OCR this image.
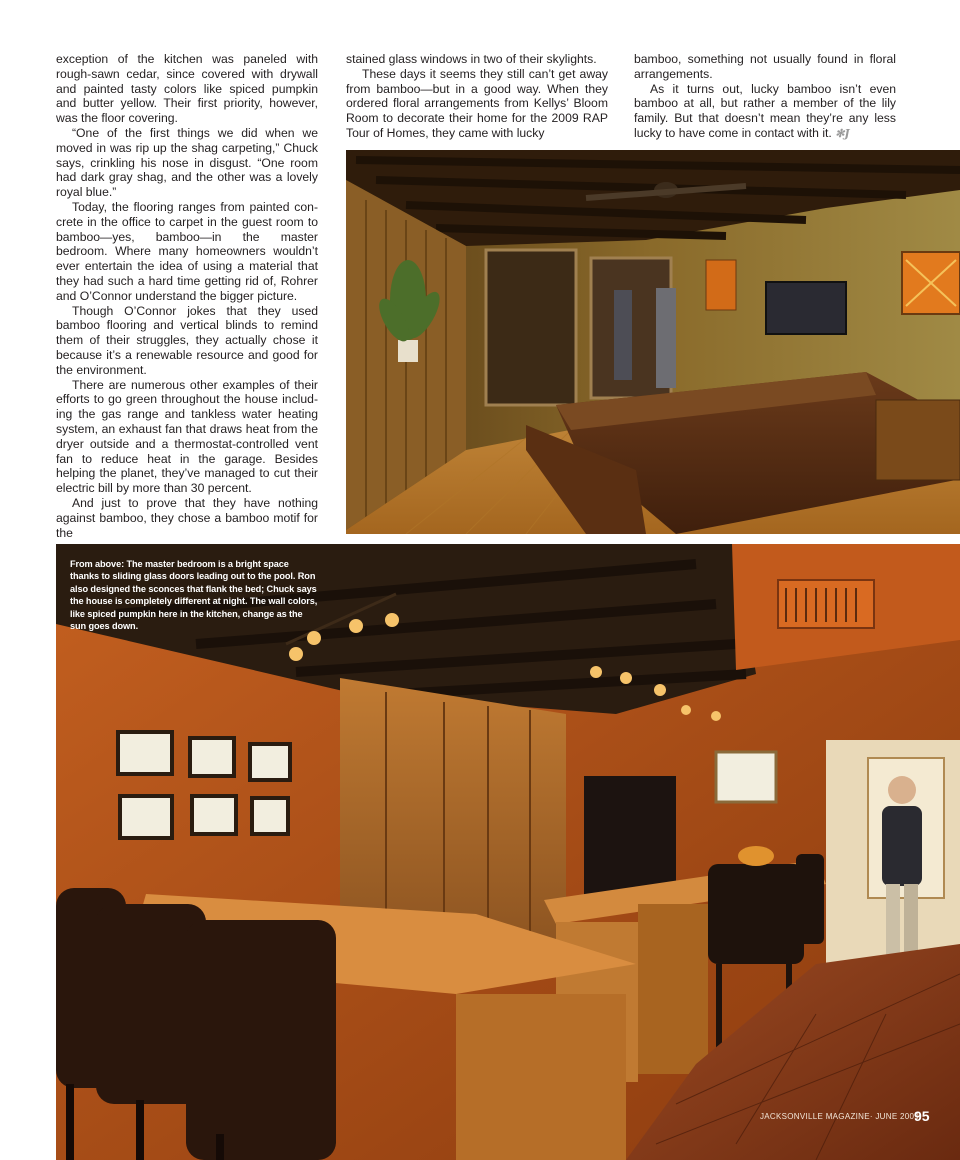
exception of the kitchen was paneled with rough-sawn cedar, since covered with drywall and painted tasty colors like spiced pumpkin and butter yellow. Their first priority, however, was the floor covering.

“One of the first things we did when we moved in was rip up the shag carpeting,” Chuck says, crinkling his nose in disgust. “One room had dark gray shag, and the other was a lovely royal blue.”

Today, the flooring ranges from painted concrete in the office to carpet in the guest room to bamboo—yes, bamboo—in the master bedroom. Where many homeowners wouldn’t ever entertain the idea of using a material that they had such a hard time getting rid of, Rohrer and O’Connor understand the bigger picture.

Though O’Connor jokes that they used bamboo flooring and vertical blinds to remind them of their struggles, they actually chose it because it’s a renewable resource and good for the environment.

There are numerous other examples of their efforts to go green throughout the house including the gas range and tankless water heating system, an exhaust fan that draws heat from the dryer outside and a thermostat-controlled vent fan to reduce heat in the garage. Besides helping the planet, they’ve managed to cut their electric bill by more than 30 percent.

And just to prove that they have nothing against bamboo, they chose a bamboo motif for the

stained glass windows in two of their skylights.

These days it seems they still can’t get away from bamboo—but in a good way. When they ordered floral arrangements from Kellys’ Bloom Room to decorate their home for the 2009 RAP Tour of Homes, they came with lucky

bamboo, something not usually found in floral arrangements.

As it turns out, lucky bamboo isn’t even bamboo at all, but rather a member of the lily family. But that doesn’t mean they’re any less lucky to have come in contact with it. ✻J

From above: The master bedroom is a bright space thanks to sliding glass doors leading out to the pool. Ron also designed the sconces that flank the bed; Chuck says the house is completely different at night. The wall colors, like spiced pumpkin here in the kitchen, change as the sun goes down.
JACKSONVILLE MAGAZINE· JUNE 2009
95
